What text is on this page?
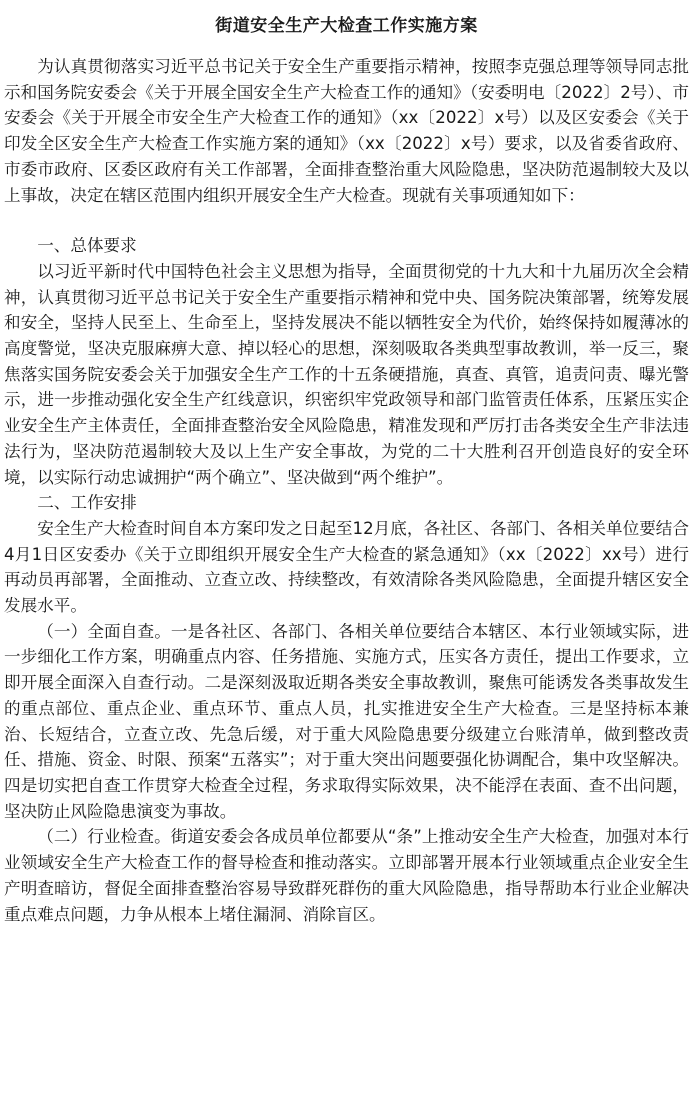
街道安全生产大检查工作实施方案

为认真贯彻落实习近平总书记关于安全生产重要指示精神，按照李克强总理等领导同志批示和国务院安委会《关于开展全国安全生产大检查工作的通知》（安委明电〔2022〕2号）、市安委会《关于开展全市安全生产大检查工作的通知》（xx〔2022〕x号）以及区安委会《关于印发全区安全生产大检查工作实施方案的通知》（xx〔2022〕x号）要求，以及省委省政府、市委市政府、区委区政府有关工作部署，全面排查整治重大风险隐患，坚决防范遏制较大及以上事故，决定在辖区范围内组织开展安全生产大检查。现就有关事项通知如下：

一、总体要求

以习近平新时代中国特色社会主义思想为指导，全面贯彻党的十九大和十九届历次全会精神，认真贯彻习近平总书记关于安全生产重要指示精神和党中央、国务院决策部署，统筹发展和安全，坚持人民至上、生命至上，坚持发展决不能以牺牲安全为代价，始终保持如履薄冰的高度警觉，坚决克服麻痹大意、掉以轻心的思想，深刻吸取各类典型事故教训，举一反三，聚焦落实国务院安委会关于加强安全生产工作的十五条硬措施，真查、真管，追责问责、曝光警示，进一步推动强化安全生产红线意识，织密织牢党政领导和部门监管责任体系，压紧压实企业安全生产主体责任，全面排查整治安全风险隐患，精准发现和严厉打击各类安全生产非法违法行为，坚决防范遏制较大及以上生产安全事故，为党的二十大胜利召开创造良好的安全环境，以实际行动忠诚拥护“两个确立”、坚决做到“两个维护”。

二、工作安排

安全生产大检查时间自本方案印发之日起至12月底，各社区、各部门、各相关单位要结合4月1日区安委办《关于立即组织开展安全生产大检查的紧急通知》（xx〔2022〕xx号）进行再动员再部署，全面推动、立查立改、持续整改，有效清除各类风险隐患，全面提升辖区安全发展水平。

（一）全面自查。一是各社区、各部门、各相关单位要结合本辖区、本行业领域实际，进一步细化工作方案，明确重点内容、任务措施、实施方式，压实各方责任，提出工作要求，立即开展全面深入自查行动。二是深刻汲取近期各类安全事故教训，聚焦可能诱发各类事故发生的重点部位、重点企业、重点环节、重点人员，扎实推进安全生产大检查。三是坚持标本兼治、长短结合，立查立改、先急后缓，对于重大风险隐患要分级建立台账清单，做到整改责任、措施、资金、时限、预案“五落实”；对于重大突出问题要强化协调配合，集中攻坚解决。四是切实把自查工作贯穿大检查全过程，务求取得实际效果，决不能浮在表面、查不出问题，坚决防止风险隐患演变为事故。

（二）行业检查。街道安委会各成员单位都要从“条”上推动安全生产大检查，加强对本行业领域安全生产大检查工作的督导检查和推动落实。立即部署开展本行业领域重点企业安全生产明查暗访，督促全面排查整治容易导致群死群伤的重大风险隐患，指导帮助本行业企业解决重点难点问题，力争从根本上堵住漏洞、消除盲区。
